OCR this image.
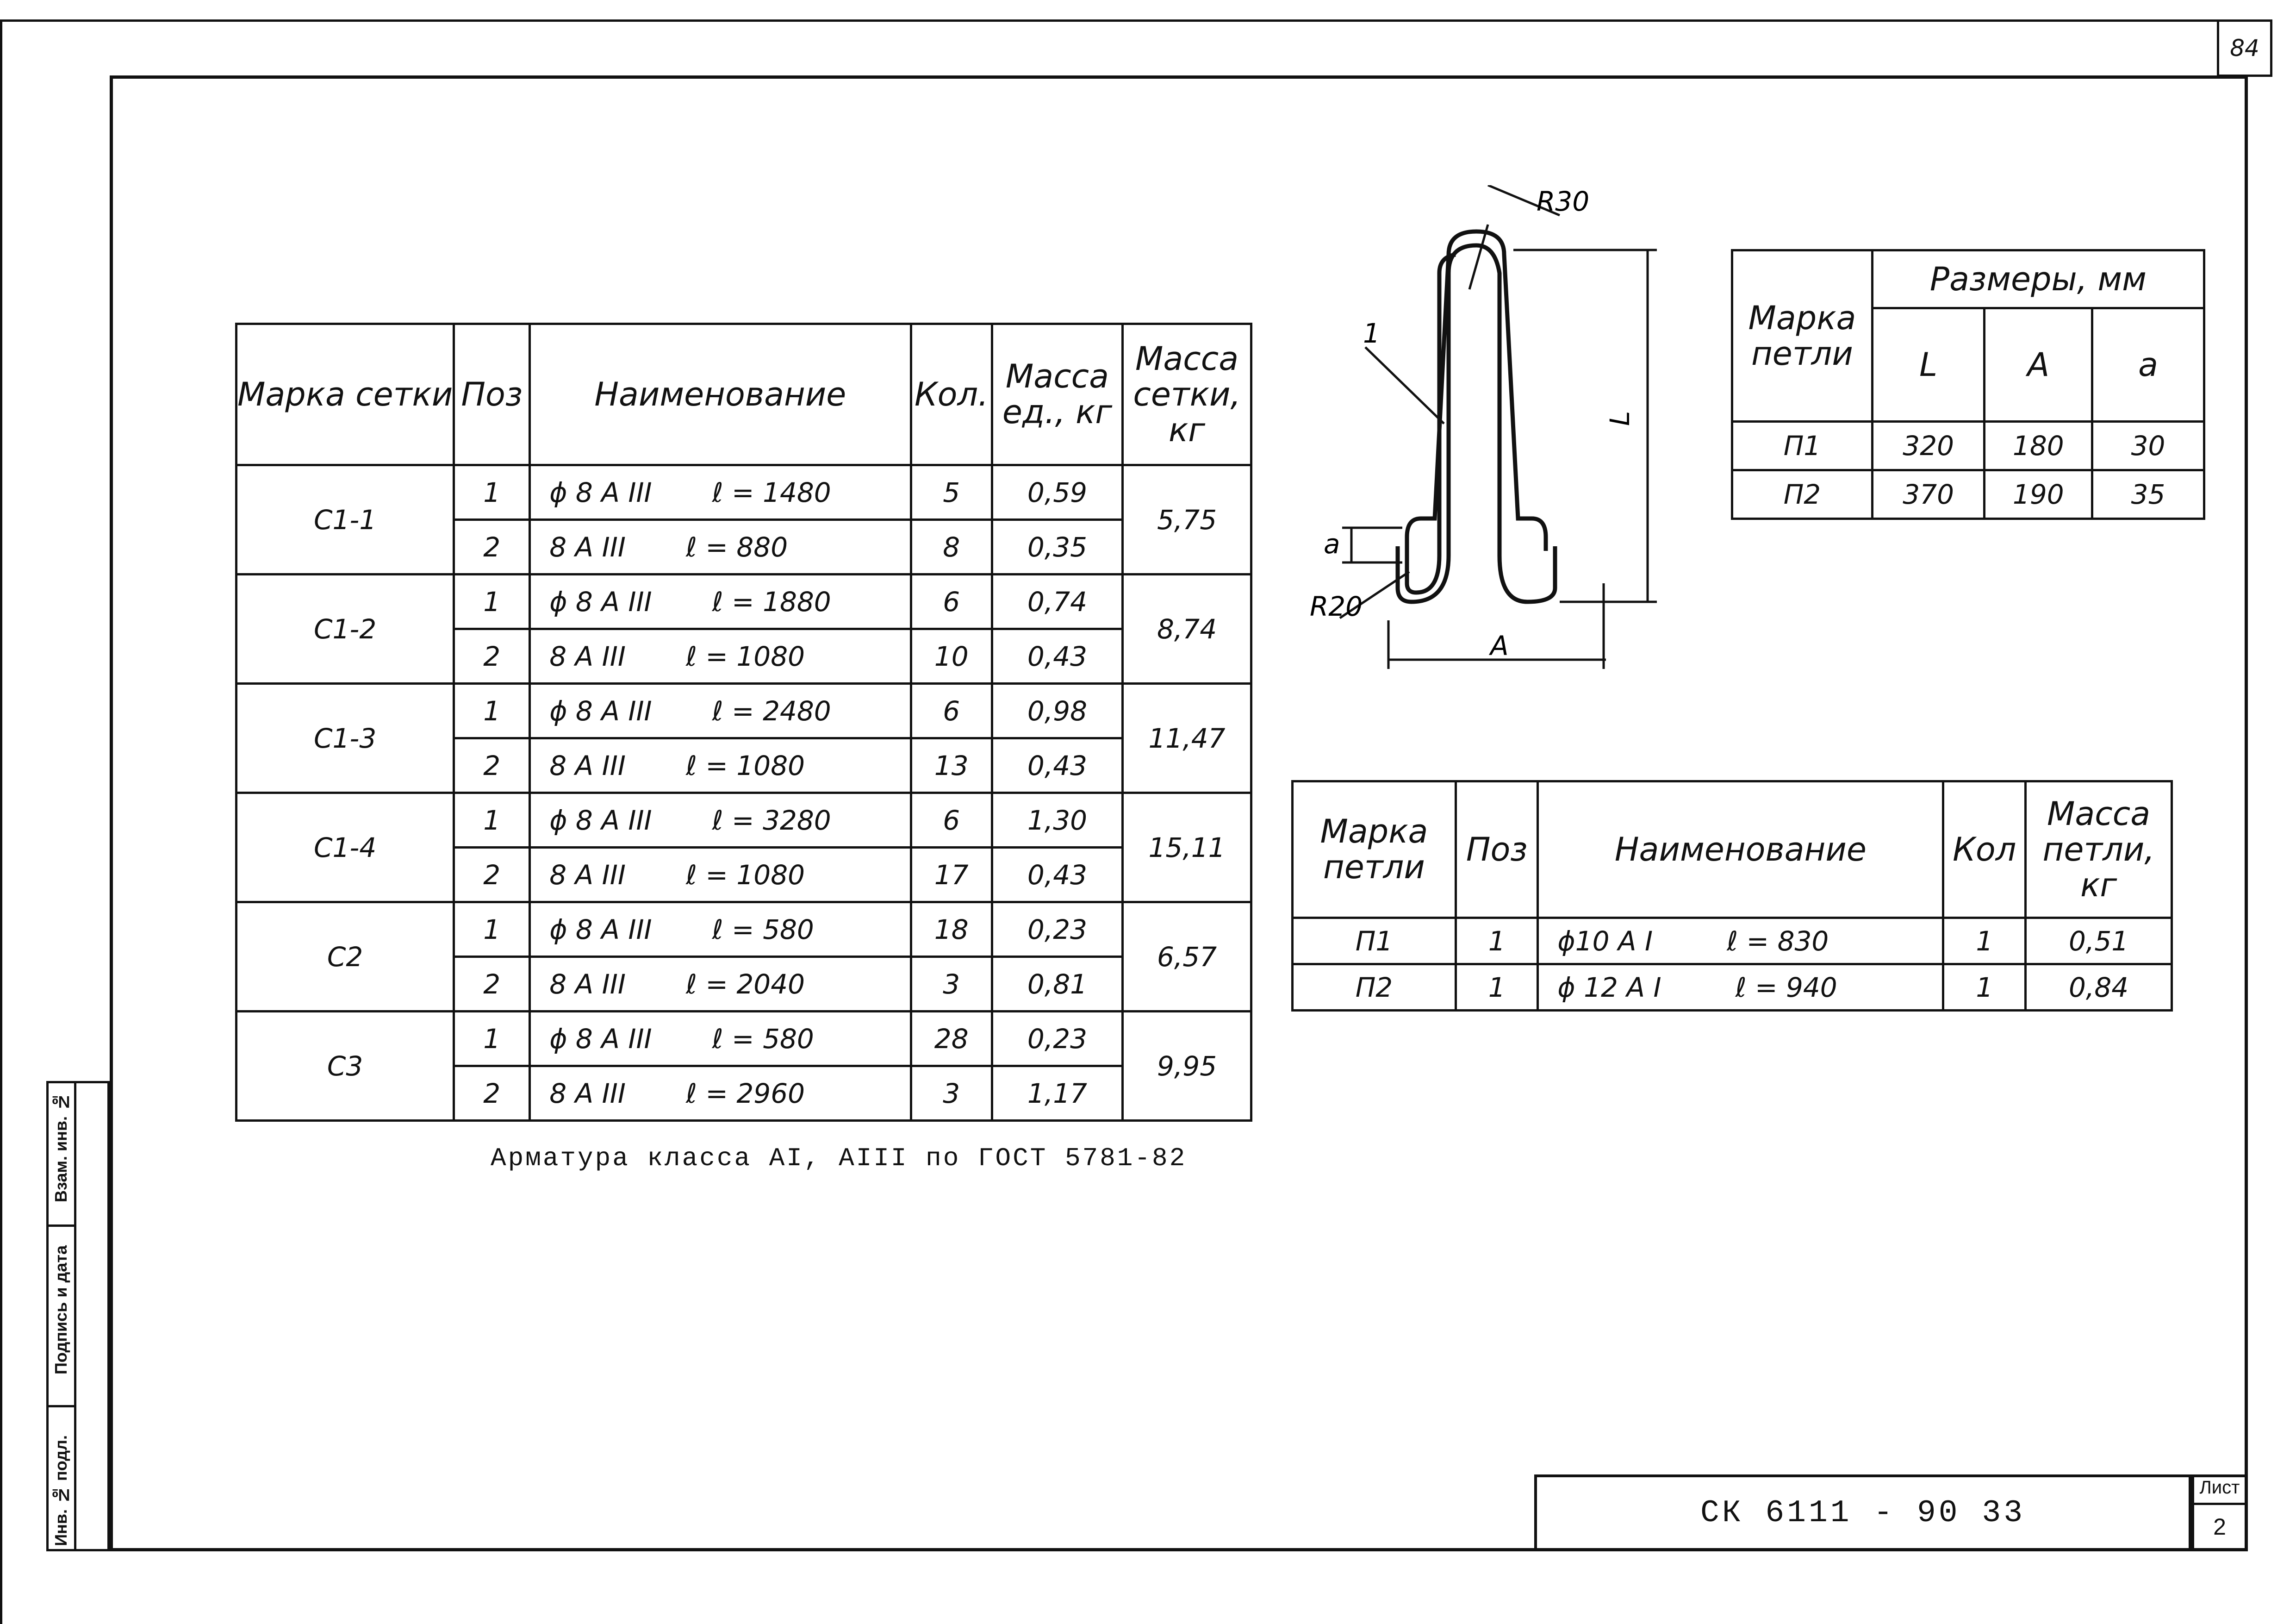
84
Марка сетки	Поз	Наименование	Кол.	Масса ед., кг	Масса сетки, кг
С1-1	1	ϕ 8 А ІІІ ℓ = 1480	5	0,59	5,75
	2	8 А ІІІ ℓ = 880	8	0,35	
С1-2	1	ϕ 8 А ІІІ ℓ = 1880	6	0,74	8,74
	2	8 А ІІІ ℓ = 1080	10	0,43	
С1-3	1	ϕ 8 А ІІІ ℓ = 2480	6	0,98	11,47
	2	8 А ІІІ ℓ = 1080	13	0,43	
С1-4	1	ϕ 8 А ІІІ ℓ = 3280	6	1,30	15,11
	2	8 А ІІІ ℓ = 1080	17	0,43	
С2	1	ϕ 8 А ІІІ ℓ = 580	18	0,23	6,57
	2	8 А ІІІ ℓ = 2040	3	0,81	
С3	1	ϕ 8 А ІІІ ℓ = 580	28	0,23	9,95
	2	8 А ІІІ ℓ = 2960	3	1,17	
Арматура класса АІ, АІІІ по ГОСТ 5781-82
R30
1
L
A
a
R20
Марка петли	Размеры, мм		
	L	A	a
П1	320	180	30
П2	370	190	35
Марка петли	Поз	Наименование	Кол	Масса петли, кг
П1	1	ϕ10 А І ℓ = 830	1	0,51
П2	1	ϕ 12 А І ℓ = 940	1	0,84
Инв. № подл.
Подпись и дата
Взам. инв. №
СК 6111 - 90 33
Лист
2
